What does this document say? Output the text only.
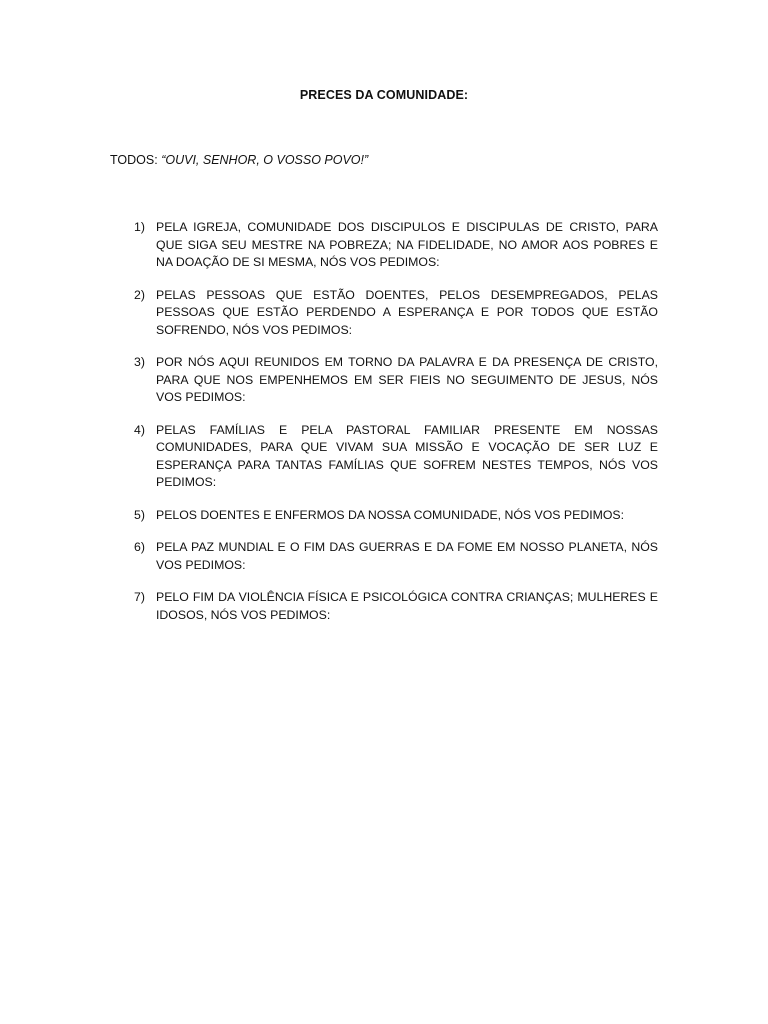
PRECES DA COMUNIDADE:
TODOS: “OUVI, SENHOR, O VOSSO POVO!”
1) PELA IGREJA, COMUNIDADE DOS DISCIPULOS E DISCIPULAS DE CRISTO, PARA QUE SIGA SEU MESTRE NA POBREZA; NA FIDELIDADE, NO AMOR AOS POBRES E NA DOAÇÃO DE SI MESMA, NÓS VOS PEDIMOS:
2) PELAS PESSOAS QUE ESTÃO DOENTES, PELOS DESEMPREGADOS, PELAS PESSOAS QUE ESTÃO PERDENDO A ESPERANÇA E POR TODOS QUE ESTÃO SOFRENDO, NÓS VOS PEDIMOS:
3) POR NÓS AQUI REUNIDOS EM TORNO DA PALAVRA E DA PRESENÇA DE CRISTO, PARA QUE NOS EMPENHEMOS EM SER FIEIS NO SEGUIMENTO DE JESUS, NÓS VOS PEDIMOS:
4) PELAS FAMÍLIAS E PELA PASTORAL FAMILIAR PRESENTE EM NOSSAS COMUNIDADES, PARA QUE VIVAM SUA MISSÃO E VOCAÇÃO DE SER LUZ E ESPERANÇA PARA TANTAS FAMÍLIAS QUE SOFREM NESTES TEMPOS, NÓS VOS PEDIMOS:
5) PELOS DOENTES E ENFERMOS DA NOSSA COMUNIDADE, NÓS VOS PEDIMOS:
6) PELA PAZ MUNDIAL E O FIM DAS GUERRAS E DA FOME EM NOSSO PLANETA, NÓS VOS PEDIMOS:
7) PELO FIM DA VIOLÊNCIA FÍSICA E PSICOLÓGICA CONTRA CRIANÇAS; MULHERES E IDOSOS, NÓS VOS PEDIMOS:
